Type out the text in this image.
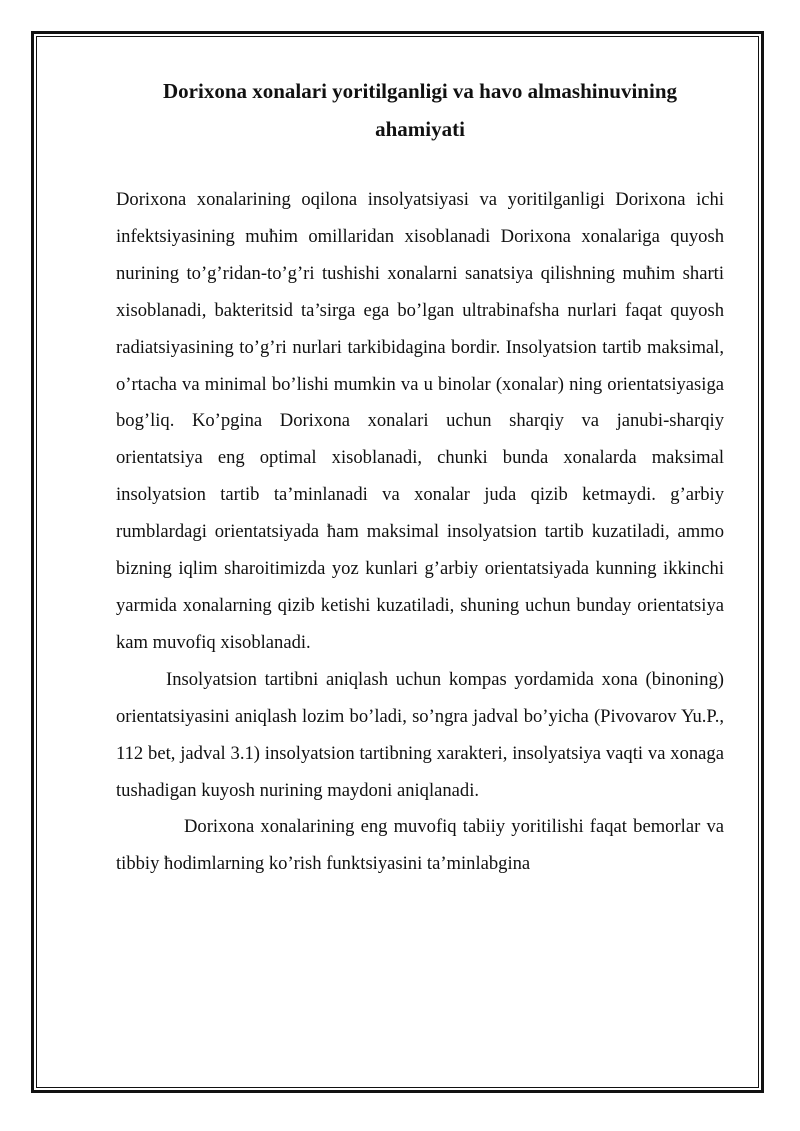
Dorixona xonalari yoritilganligi va havo almashinuvining ahamiyati

Dorixona xonalarining oqilona insolyatsiyasi va yoritilganligi Dorixona ichi infektsiyasining muħim omillaridan xisoblanadi Dorixona xonalariga quyosh nurining to’g’ridan-to’g’ri tushishi xonalarni sanatsiya qilishning muħim sharti xisoblanadi, bakteritsid ta’sirga ega bo’lgan ultrabinafsha nurlari faqat quyosh radiatsiyasining to’g’ri nurlari tarkibidagina bordir. Insolyatsion tartib maksimal, o’rtacha va minimal bo’lishi mumkin va u binolar (xonalar) ning orientatsiyasiga bog’liq. Ko’pgina Dorixona xonalari uchun sharqiy va janubi-sharqiy orientatsiya eng optimal xisoblanadi, chunki bunda xonalarda maksimal insolyatsion tartib ta’minlanadi va xonalar juda qizib ketmaydi. g’arbiy rumblardagi orientatsiyada ħam maksimal insolyatsion tartib kuzatiladi, ammo bizning iqlim sharoitimizda yoz kunlari g’arbiy orientatsiyada kunning ikkinchi yarmida xonalarning qizib ketishi kuzatiladi, shuning uchun bunday orientatsiya kam muvofiq xisoblanadi.

Insolyatsion tartibni aniqlash uchun kompas yordamida xona (binoning) orientatsiyasini aniqlash lozim bo’ladi, so’ngra jadval bo’yicha (Pivovarov Yu.P., 112 bet, jadval 3.1) insolyatsion tartibning xarakteri, insolyatsiya vaqti va xonaga tushadigan kuyosh nurining maydoni aniqlanadi.

Dorixona xonalarining eng muvofiq tabiiy yoritilishi faqat bemorlar va tibbiy ħodimlarning ko’rish funktsiyasini ta’minlabgina
